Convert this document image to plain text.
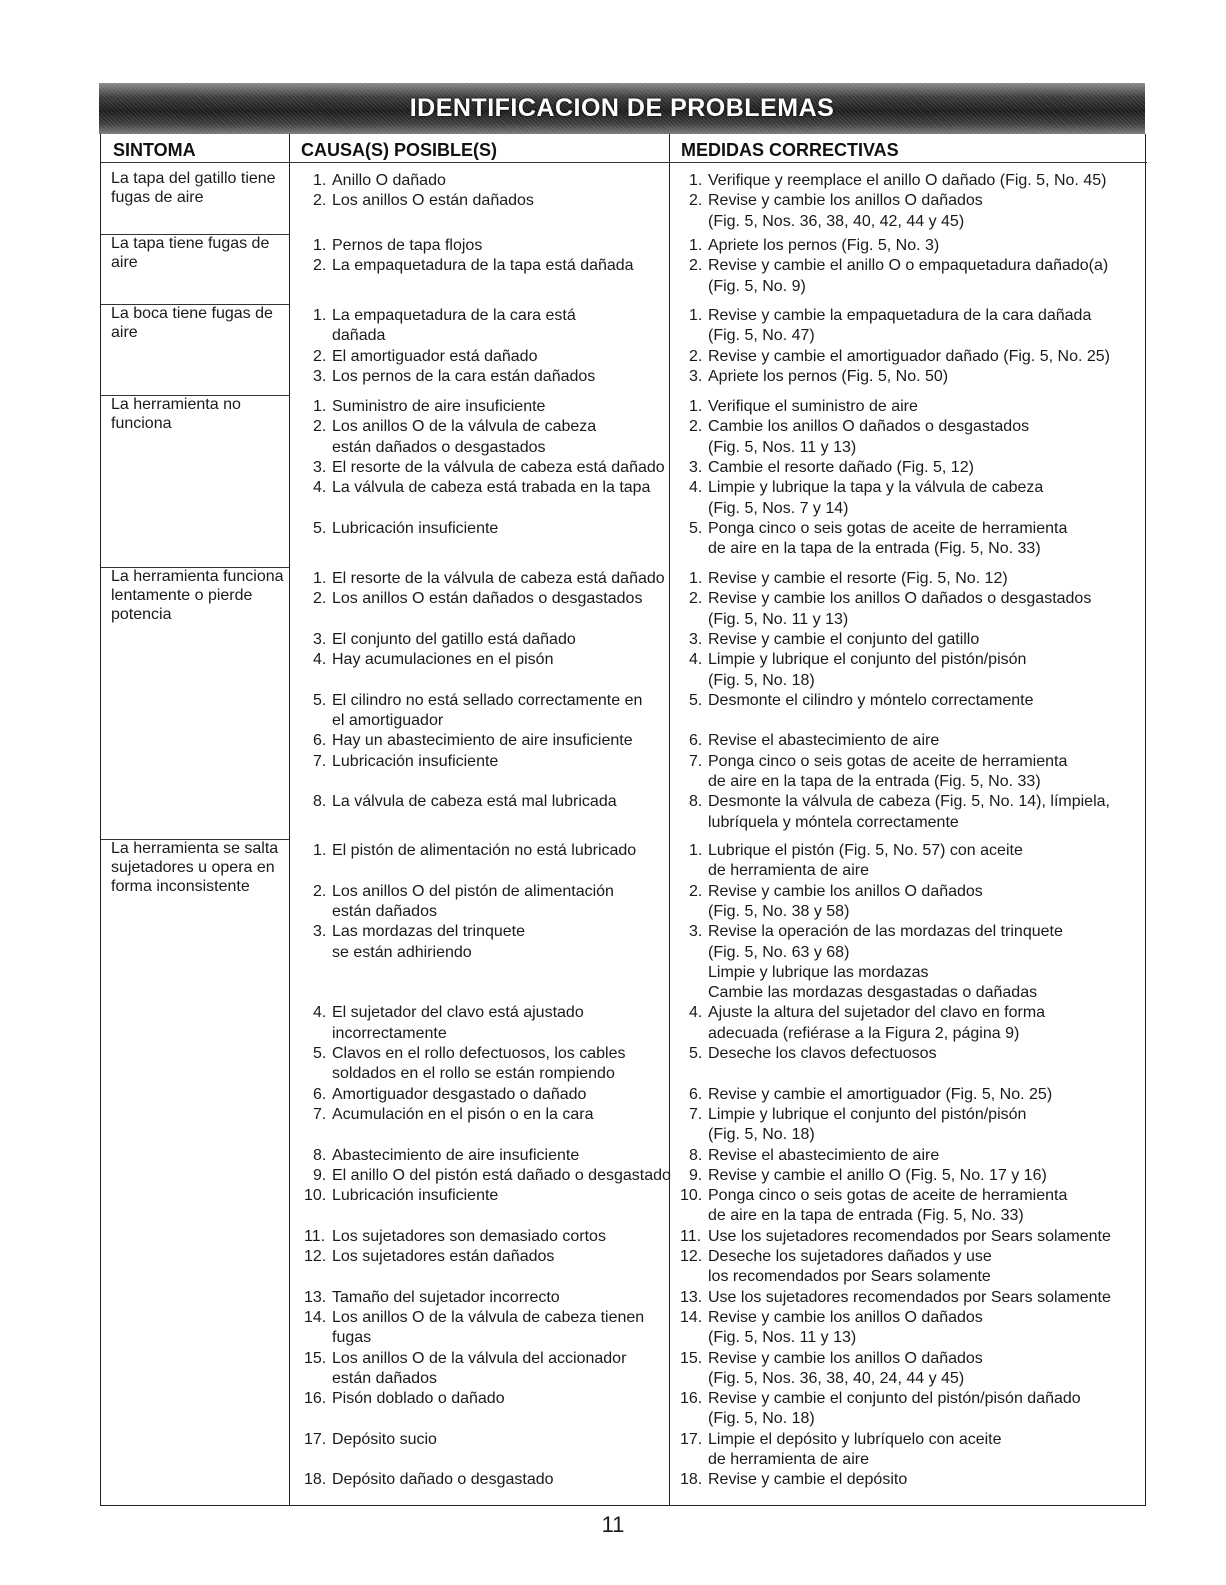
IDENTIFICACION DE PROBLEMAS
SINTOMA	CAUSA(S) POSIBLE(S)	MEDIDAS CORRECTIVAS
La tapa del gatillo tiene fugas de aire
1. Anillo O dañado
2. Los anillos O están dañados
1. Verifique y reemplace el anillo O dañado (Fig. 5, No. 45)
2. Revise y cambie los anillos O dañados
(Fig. 5, Nos. 36, 38, 40, 42, 44 y 45)
La tapa tiene fugas de aire
1. Pernos de tapa flojos
2. La empaquetadura de la tapa está dañada
1. Apriete los pernos (Fig. 5, No. 3)
2. Revise y cambie el anillo O o empaquetadura dañado(a)
(Fig. 5, No. 9)
La boca tiene fugas de aire
1. La empaquetadura de la cara está
dañada
2. El amortiguador está dañado
3. Los pernos de la cara están dañados
1. Revise y cambie la empaquetadura de la cara dañada
(Fig. 5, No. 47)
2. Revise y cambie el amortiguador dañado (Fig. 5, No. 25)
3. Apriete los pernos (Fig. 5, No. 50)
La herramienta no funciona
1. Suministro de aire insuficiente
2. Los anillos O de la válvula de cabeza
están dañados o desgastados
3. El resorte de la válvula de cabeza está dañado
4. La válvula de cabeza está trabada en la tapa
5. Lubricación insuficiente
1. Verifique el suministro de aire
2. Cambie los anillos O dañados o desgastados
(Fig. 5, Nos. 11 y 13)
3. Cambie el resorte dañado (Fig. 5, 12)
4. Limpie y lubrique la tapa y la válvula de cabeza
(Fig. 5, Nos. 7 y 14)
5. Ponga cinco o seis gotas de aceite de herramienta
de aire en la tapa de la entrada (Fig. 5, No. 33)
La herramienta funciona lentamente o pierde potencia
1. El resorte de la válvula de cabeza está dañado
2. Los anillos O están dañados o desgastados
3. El conjunto del gatillo está dañado
4. Hay acumulaciones en el pisón
5. El cilindro no está sellado correctamente en
el amortiguador
6. Hay un abastecimiento de aire insuficiente
7. Lubricación insuficiente
8. La válvula de cabeza está mal lubricada
1. Revise y cambie el resorte (Fig. 5, No. 12)
2. Revise y cambie los anillos O dañados o desgastados
(Fig. 5, No. 11 y 13)
3. Revise y cambie el conjunto del gatillo
4. Limpie y lubrique el conjunto del pistón/pisón
(Fig. 5, No. 18)
5. Desmonte el cilindro y móntelo correctamente
6. Revise el abastecimiento de aire
7. Ponga cinco o seis gotas de aceite de herramienta
de aire en la tapa de la entrada (Fig. 5, No. 33)
8. Desmonte la válvula de cabeza (Fig. 5, No. 14), límpiela,
lubríquela y móntela correctamente
La herramienta se salta sujetadores u opera en forma inconsistente
1. El pistón de alimentación no está lubricado
2. Los anillos O del pistón de alimentación
están dañados
3. Las mordazas del trinquete
se están adhiriendo
4. El sujetador del clavo está ajustado
incorrectamente
5. Clavos en el rollo defectuosos, los cables
soldados en el rollo se están rompiendo
6. Amortiguador desgastado o dañado
7. Acumulación en el pisón o en la cara
8. Abastecimiento de aire insuficiente
9. El anillo O del pistón está dañado o desgastado
10. Lubricación insuficiente
11. Los sujetadores son demasiado cortos
12. Los sujetadores están dañados
13. Tamaño del sujetador incorrecto
14. Los anillos O de la válvula de cabeza tienen
fugas
15. Los anillos O de la válvula del accionador
están dañados
16. Pisón doblado o dañado
17. Depósito sucio
18. Depósito dañado o desgastado
1. Lubrique el pistón (Fig. 5, No. 57) con aceite
de herramienta de aire
2. Revise y cambie los anillos O dañados
(Fig. 5, No. 38 y 58)
3. Revise la operación de las mordazas del trinquete
(Fig. 5, No. 63 y 68)
Limpie y lubrique las mordazas
Cambie las mordazas desgastadas o dañadas
4. Ajuste la altura del sujetador del clavo en forma
adecuada (refiérase a la Figura 2, página 9)
5. Deseche los clavos defectuosos
6. Revise y cambie el amortiguador (Fig. 5, No. 25)
7. Limpie y lubrique el conjunto del pistón/pisón
(Fig. 5, No. 18)
8. Revise el abastecimiento de aire
9. Revise y cambie el anillo O (Fig. 5, No. 17 y 16)
10. Ponga cinco o seis gotas de aceite de herramienta
de aire en la tapa de entrada (Fig. 5, No. 33)
11. Use los sujetadores recomendados por Sears solamente
12. Deseche los sujetadores dañados y use
los recomendados por Sears solamente
13. Use los sujetadores recomendados por Sears solamente
14. Revise y cambie los anillos O dañados
(Fig. 5, Nos. 11 y 13)
15. Revise y cambie los anillos O dañados
(Fig. 5, Nos. 36, 38, 40, 24, 44 y 45)
16. Revise y cambie el conjunto del pistón/pisón dañado
(Fig. 5, No. 18)
17. Limpie el depósito y lubríquelo con aceite
de herramienta de aire
18. Revise y cambie el depósito
11
